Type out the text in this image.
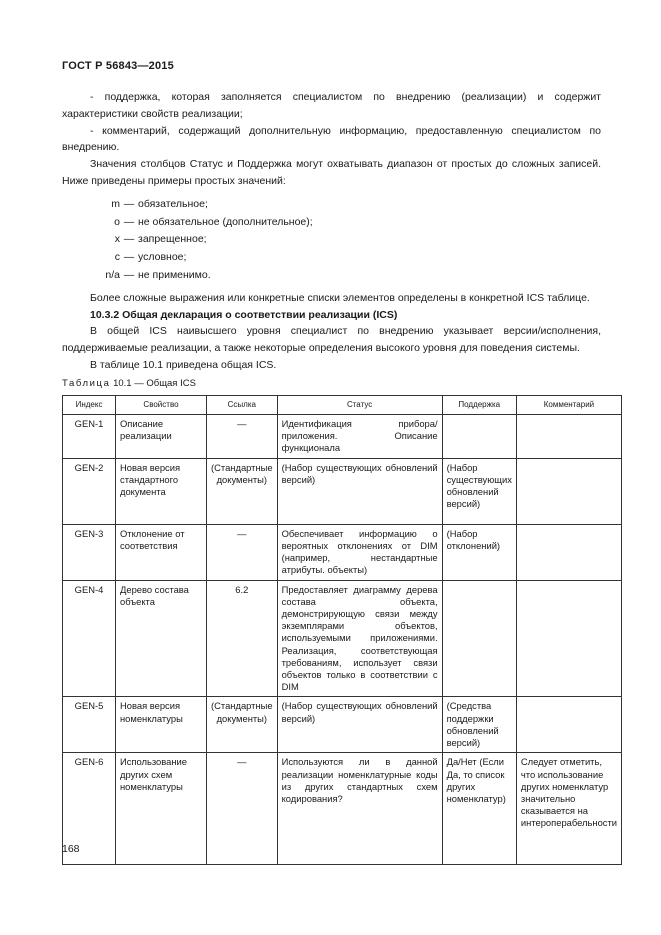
ГОСТ Р 56843—2015

- поддержка, которая заполняется специалистом по внедрению (реализации) и содержит характеристики свойств реализации;

- комментарий, содержащий дополнительную информацию, предоставленную специалистом по внедрению.

Значения столбцов Статус и Поддержка могут охватывать диапазон от простых до сложных записей. Ниже приведены примеры простых значений:

m — обязательное;
o — не обязательное (дополнительное);
x — запрещенное;
c — условное;
n/a — не применимо.

Более сложные выражения или конкретные списки элементов определены в конкретной ICS таблице.

10.3.2 Общая декларация о соответствии реализации (ICS)

В общей ICS наивысшего уровня специалист по внедрению указывает версии/исполнения, поддерживаемые реализации, а также некоторые определения высокого уровня для поведения системы.

В таблице 10.1 приведена общая ICS.

Таблица 10.1 — Общая ICS
Индекс	Свойство	Ссылка	Статус	Поддержка	Комментарий
GEN-1	Описание реализации	—	Идентификация прибора/приложения. Описание функционала		
GEN-2	Новая версия стандартного документа	(Стандартные документы)	(Набор существующих обновлений версий)	(Набор существующих обновлений версий)	
GEN-3	Отклонение от соответствия	—	Обеспечивает информацию о вероятных отклонениях от DIM (например, нестандартные атрибуты. объекты)	(Набор отклонений)	
GEN-4	Дерево состава объекта	6.2	Предоставляет диаграмму дерева состава объекта, демонстрирующую связи между экземплярами объектов, используемыми приложениями. Реализация, соответствующая требованиям, использует связи объектов только в соответствии с DIM		
GEN-5	Новая версия номенклатуры	(Стандартные документы)	(Набор существующих обновлений версий)	(Средства поддержки обновлений версий)	
GEN-6	Использование других схем номенклатуры	—	Используются ли в данной реализации номенклатурные коды из других стандартных схем кодирования?	Да/Нет (Если Да, то список других номенклатур)	Следует отметить, что использование других номенклатур значительно сказывается на интероперабельности
168
